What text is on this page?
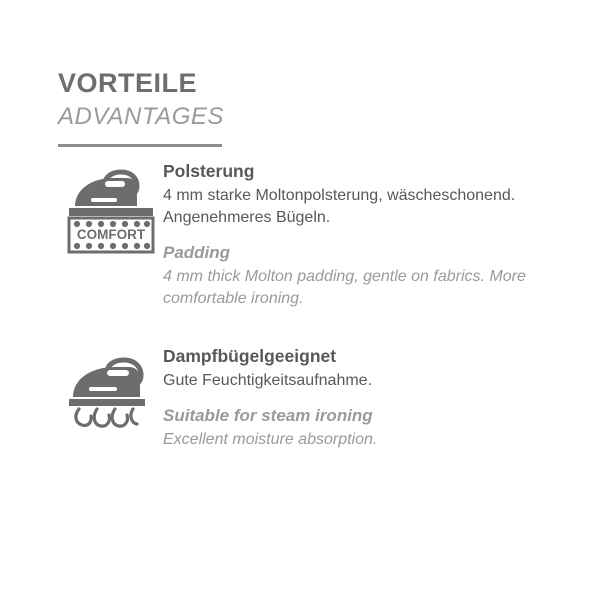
VORTEILE
ADVANTAGES
COMFORT
Polsterung
4 mm starke Moltonpolsterung, wäscheschonend. Angenehmeres Bügeln.
Padding
4 mm thick Molton padding, gentle on fabrics. More comfortable ironing.
Dampfbügelgeeignet
Gute Feuchtigkeitsaufnahme.
Suitable for steam ironing
Excellent moisture absorption.
